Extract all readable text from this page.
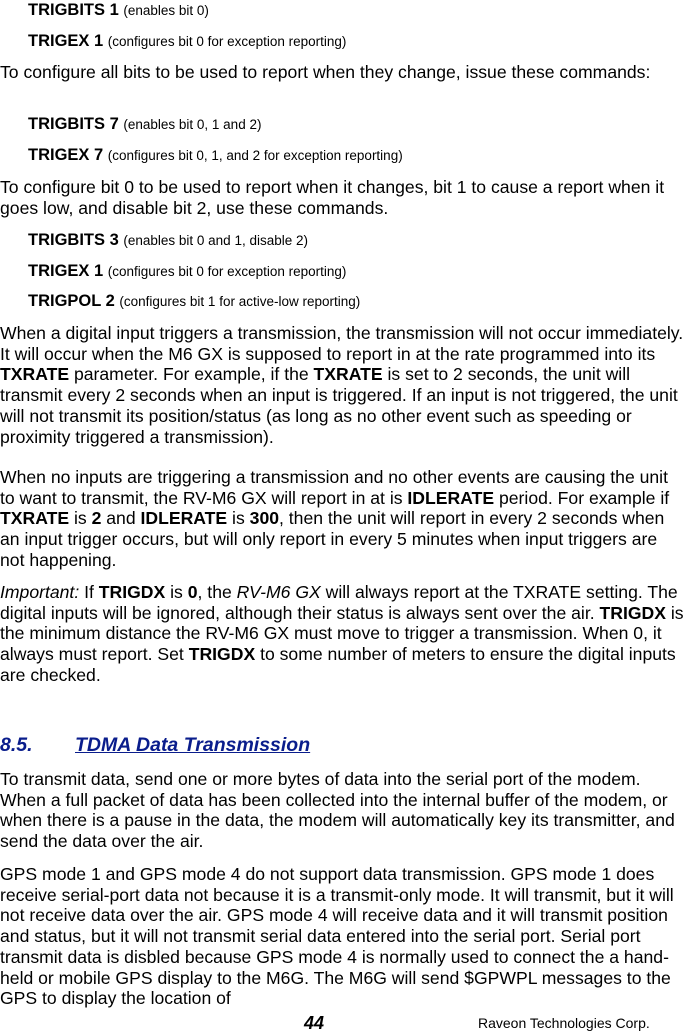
TRIGBITS 1 (enables bit 0)
TRIGEX 1 (configures bit 0 for exception reporting)
To configure all bits to be used to report when they change, issue these commands:
TRIGBITS 7 (enables bit 0, 1 and 2)
TRIGEX 7 (configures bit 0, 1, and 2 for exception reporting)
To configure bit 0 to be used to report when it changes, bit 1 to cause a report when it goes low, and disable bit 2, use these commands.
TRIGBITS 3 (enables bit 0 and 1, disable 2)
TRIGEX 1 (configures bit 0 for exception reporting)
TRIGPOL 2 (configures bit 1 for active-low reporting)
When a digital input triggers a transmission, the transmission will not occur immediately. It will occur when the M6 GX is supposed to report in at the rate programmed into its TXRATE parameter. For example, if the TXRATE is set to 2 seconds, the unit will transmit every 2 seconds when an input is triggered. If an input is not triggered, the unit will not transmit its position/status (as long as no other event such as speeding or proximity triggered a transmission).
When no inputs are triggering a transmission and no other events are causing the unit to want to transmit, the RV-M6 GX will report in at is IDLERATE period. For example if TXRATE is 2 and IDLERATE is 300, then the unit will report in every 2 seconds when an input trigger occurs, but will only report in every 5 minutes when input triggers are not happening.
Important: If TRIGDX is 0, the RV-M6 GX will always report at the TXRATE setting. The digital inputs will be ignored, although their status is always sent over the air. TRIGDX is the minimum distance the RV-M6 GX must move to trigger a transmission. When 0, it always must report. Set TRIGDX to some number of meters to ensure the digital inputs are checked.
8.5. TDMA Data Transmission
To transmit data, send one or more bytes of data into the serial port of the modem. When a full packet of data has been collected into the internal buffer of the modem, or when there is a pause in the data, the modem will automatically key its transmitter, and send the data over the air.
GPS mode 1 and GPS mode 4 do not support data transmission. GPS mode 1 does receive serial-port data not because it is a transmit-only mode. It will transmit, but it will not receive data over the air. GPS mode 4 will receive data and it will transmit position and status, but it will not transmit serial data entered into the serial port. Serial port transmit data is disbled because GPS mode 4 is normally used to connect the a hand-held or mobile GPS display to the M6G. The M6G will send $GPWPL messages to the GPS to display the location of
44	Raveon Technologies Corp.
